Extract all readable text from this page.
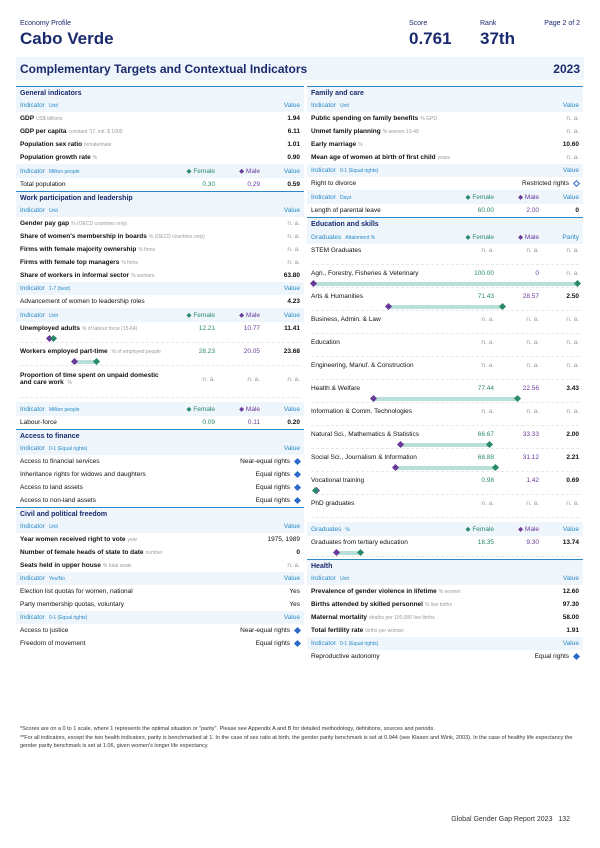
Economy Profile
Cabo Verde
Score
0.761
Rank
37th
Page 2 of 2
Complementary Targets and Contextual Indicators	2023
General indicators
Indicator Unit	Value
GDP US$ billions	1.94
GDP per capita constant '17, intl. $ 1000	6.11
Population sex ratio female/male	1.01
Population growth rate %	0.90
Indicator Million people	◆ Female	◆ Male	Value
Total population	0.30	0.29	0.59
Work participation and leadership
Indicator Unit	Value
Gender pay gap % (OECD countries only)	n. a.
Share of women's membership in boards % (OECD countries only)	n. a.
Firms with female majority ownership % firms	n. a.
Firms with female top managers % firms	n. a.
Share of workers in informal sector % workers	63.80
Indicator 1-7 (best)	Value
Advancement of women to leadership roles	4.23
Indicator Unit	◆ Female	◆ Male	Value
Unemployed adults % of labour force (15-64)	12.21	10.77	11.41
Workers employed part-time % of employed people	28.23	20.05	23.68
Proportion of time spent on unpaid domestic and care work %
n. a.	n. a.	n. a.
Indicator Million people	◆ Female	◆ Male	Value
Labour-force	0.09	0.11	0.20
Access to finance
Indicator 0-1 (Equal rights)	Value
Access to financial services	Near-equal rights
Inheritance rights for widows and daughters	Equal rights
Access to land assets	Equal rights
Access to non-land assets	Equal rights
Civil and political freedom
Indicator Unit	Value
Year women received right to vote year	1975, 1989
Number of female heads of state to date number	0
Seats held in upper house % total seats	n. a.
Indicator Yes/No	Value
Election list quotas for women, national	Yes
Party membership quotas, voluntary	Yes
Indicator 0-1 (Equal rights)	Value
Access to justice	Near-equal rights
Freedom of movement	Equal rights
Family and care
Indicator Unit	Value
Public spending on family benefits % GPD	n. a.
Unmet family planning % women 15-49	n. a.
Early marriage %	10.60
Mean age of women at birth of first child years	n. a.
Indicator 0-1 (Equal rights)	Value
Right to divorce	Restricted rights
Indicator Days	◆ Female	◆ Male	Value
Length of parental leave	60.00	2.00	0
Education and skills
Graduates Attainment %	◆ Female	◆ Male	Parity
STEM Graduates	n. a.	n. a.	n. a.
Agri., Forestry, Fisheries & Veterinary	100.00	0	n. a.
Arts & Humanities	71.43	28.57	2.50
Business, Admin. & Law	n. a.	n. a.	n. a.
Education	n. a.	n. a.	n. a.
Engineering, Manuf. & Construction	n. a.	n. a.	n. a.
Health & Welfare	77.44	22.56	3.43
Information & Comm. Technologies	n. a.	n. a.	n. a.
Natural Sci., Mathematics & Statistics	66.67	33.33	2.00
Social Sci., Journalism & Information	68.88	31.12	2.21
Vocational training	0.98	1.42	0.69
PhD graduates	n. a.	n. a.	n. a.
Graduates %	◆ Female	◆ Male	Value
Graduates from tertiary education	18.35	9.30	13.74
Health
Indicator Unit	Value
Prevalence of gender violence in lifetime % women	12.60
Births attended by skilled personnel % live births	97.30
Maternal mortality deaths per 100,000 live births	58.00
Total fertility rate births per woman	1.91
Indicator 0-1 (Equal rights)	Value
Reproductive autonomy	Equal rights

*Scores are on a 0 to 1 scale, where 1 represents the optimal situation or "parity". Please see Appendix A and B for detailed methodology, definitions, sources and periods.

**For all indicators, except the two health indicators, parity is benchmarked at 1. In the case of sex ratio at birth, the gender parity benchmark is set at 0.944 (see Klasen and Wink, 2003). In the case of healthy life expectancy the gender parity benchmark is set at 1.06, given women's longer life expectancy.

Global Gender Gap Report 2023 132
